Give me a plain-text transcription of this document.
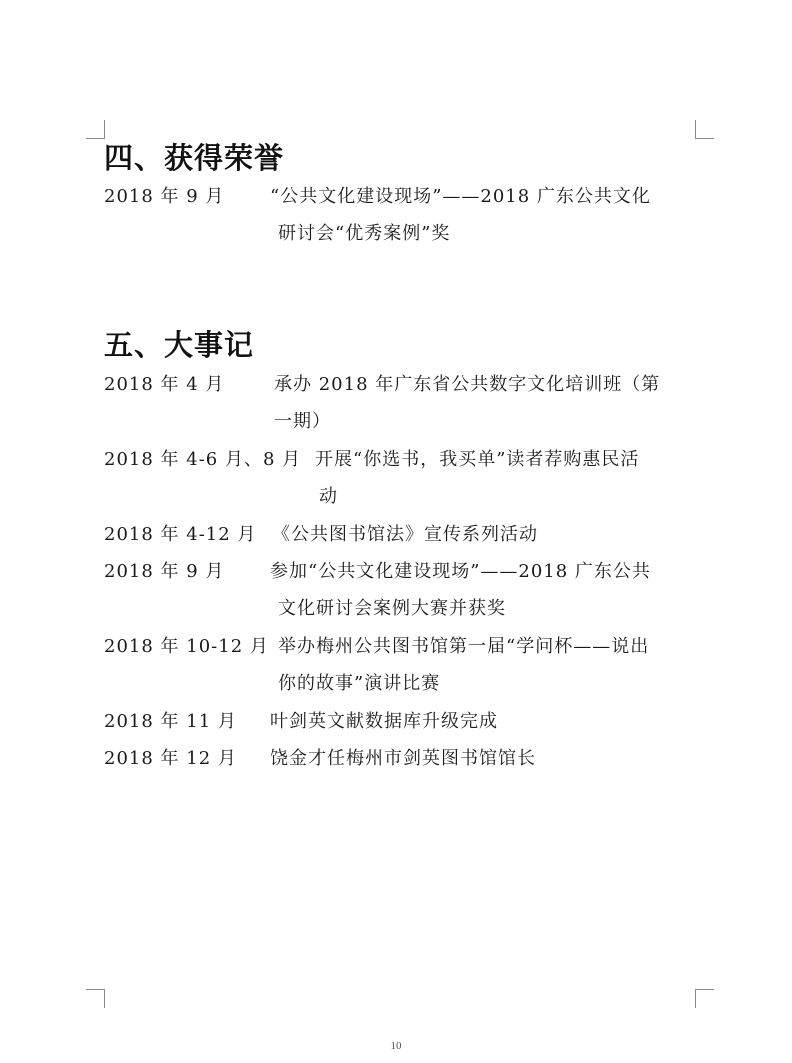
四、获得荣誉
2018 年 9 月	“公共文化建设现场”——2018 广东公共文化
研讨会“优秀案例”奖
五、大事记
2018 年 4 月	承办 2018 年广东省公共数字文化培训班（第
一期）
2018 年 4-6 月、8 月 开展“你选书，我买单”读者荐购惠民活
动
2018 年 4-12 月 《公共图书馆法》宣传系列活动
2018 年 9 月	参加“公共文化建设现场”——2018 广东公共
文化研讨会案例大赛并获奖
2018 年 10-12 月 举办梅州公共图书馆第一届“学问杯——说出
你的故事”演讲比赛
2018 年 11 月 叶剑英文献数据库升级完成
2018 年 12 月 饶金才任梅州市剑英图书馆馆长
10
